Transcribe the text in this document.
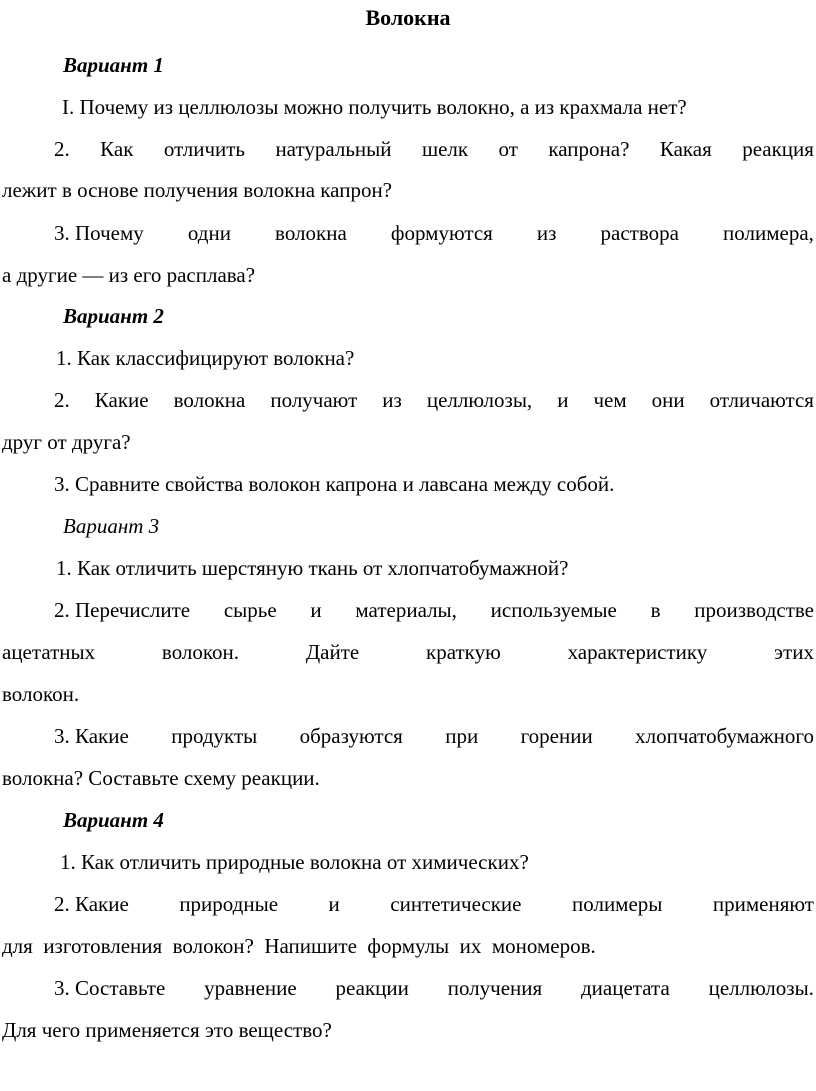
Волокна
Вариант 1
I. Почему из целлюлозы можно получить волокно, а из крахмала нет?
2. Как отличить натуральный шелк от капрона? Какая реакция
лежит в основе получения волокна капрон?
3. Почему одни волокна формуются из раствора полимера,
а другие — из его расплава?
Вариант 2
1. Как классифицируют волокна?
2. Какие волокна получают из целлюлозы, и чем они отличаются
друг от друга?
3. Сравните свойства волокон капрона и лавсана между собой.
Вариант 3
1. Как отличить шерстяную ткань от хлопчатобумажной?
2. Перечислите сырье и материалы, используемые в производстве
ацетатных	волокон.	Дайте	краткую	характеристику	этих
волокон.
3. Какие продукты образуются при горении хлопчатобумажного
волокна? Составьте схему реакции.
Вариант 4
1. Как отличить природные волокна от химических?
2. Какие природные и синтетические полимеры применяют
для  изготовления  волокон?  Напишите  формулы  их  мономеров.
3. Составьте уравнение реакции получения диацетата целлюлозы.
Для чего применяется это вещество?
